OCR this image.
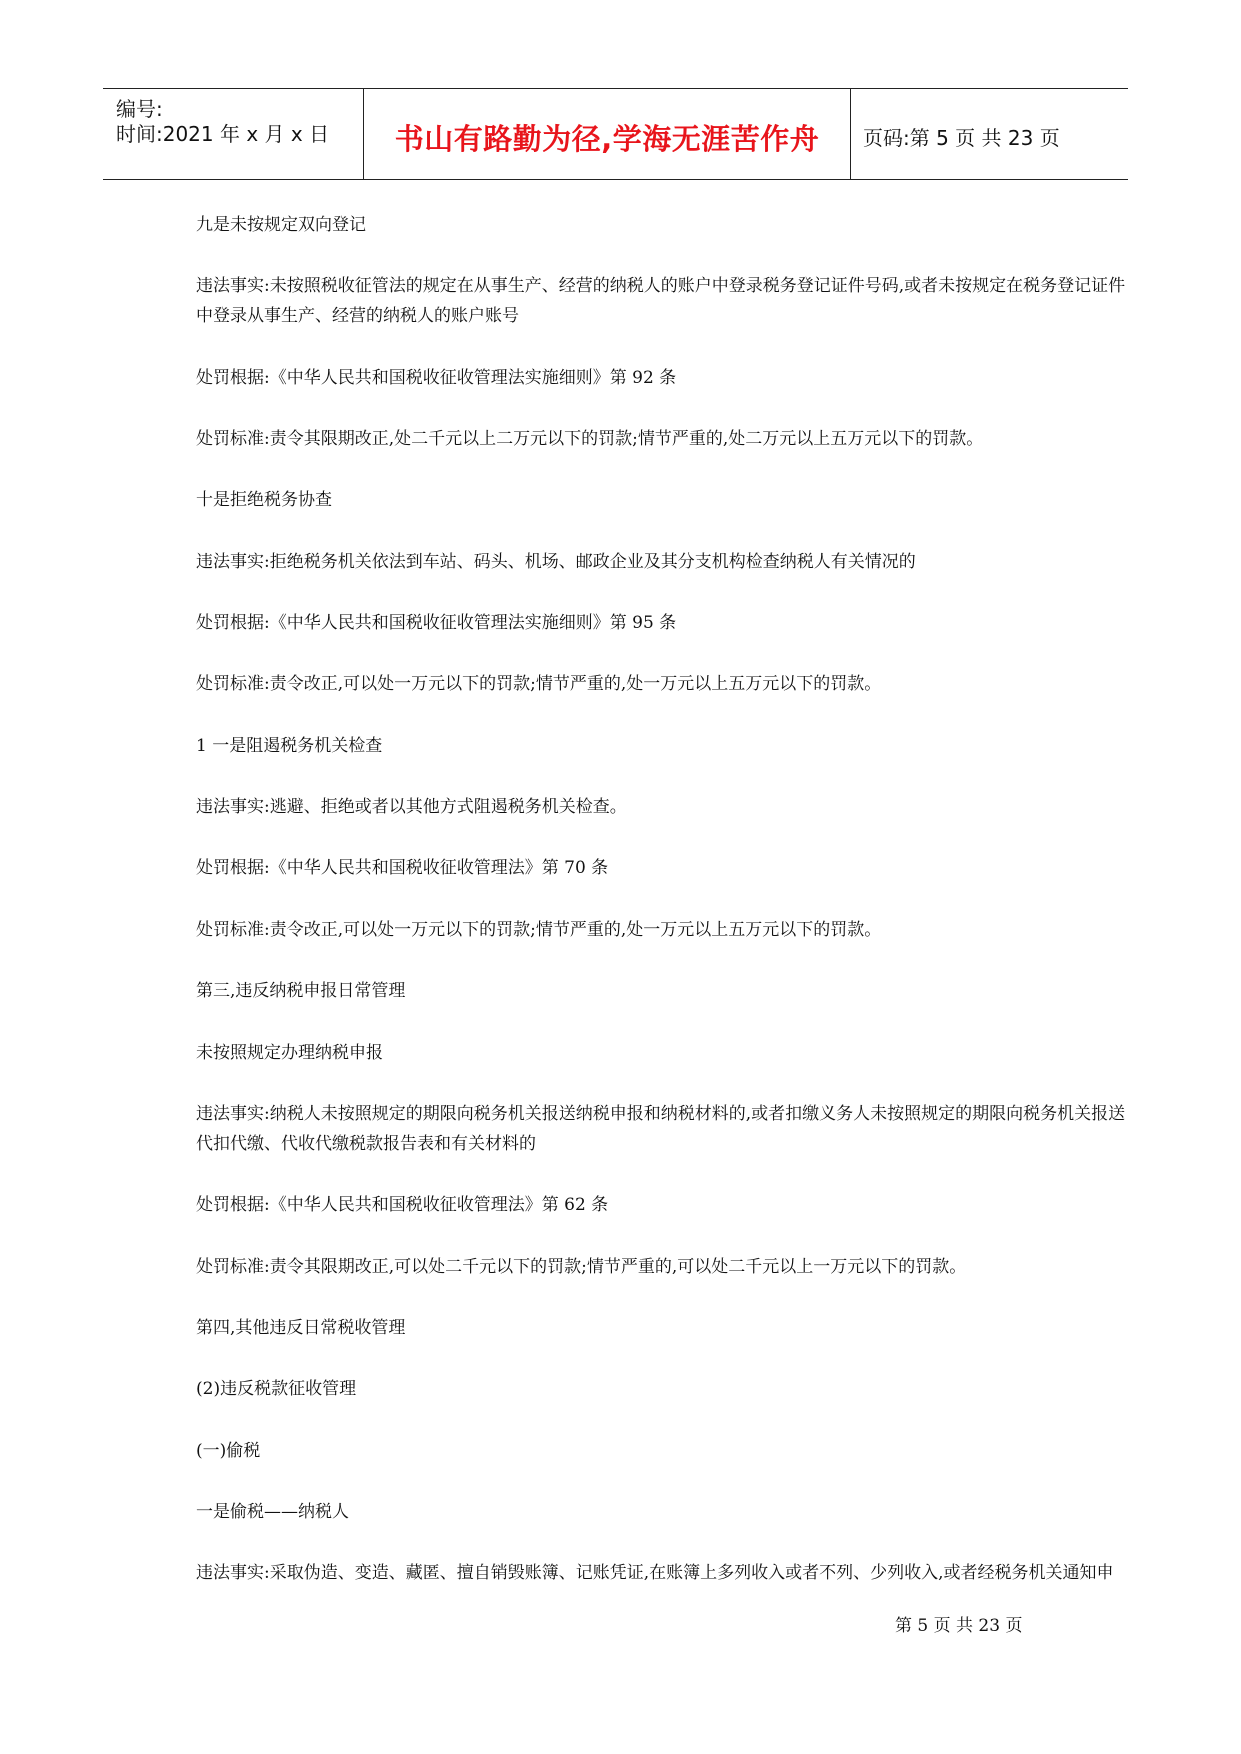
编号:
时间:2021 年 x 月 x 日	书山有路勤为径,学海无涯苦作舟	页码:第 5 页 共 23 页
九是未按规定双向登记
违法事实:未按照税收征管法的规定在从事生产、经营的纳税人的账户中登录税务登记证件号码,或者未按规定在税务登记证件
中登录从事生产、经营的纳税人的账户账号
处罚根据:《中华人民共和国税收征收管理法实施细则》第 92 条
处罚标准:责令其限期改正,处二千元以上二万元以下的罚款;情节严重的,处二万元以上五万元以下的罚款。
十是拒绝税务协查
违法事实:拒绝税务机关依法到车站、码头、机场、邮政企业及其分支机构检查纳税人有关情况的
处罚根据:《中华人民共和国税收征收管理法实施细则》第 95 条
处罚标准:责令改正,可以处一万元以下的罚款;情节严重的,处一万元以上五万元以下的罚款。
1 一是阻遏税务机关检查
违法事实:逃避、拒绝或者以其他方式阻遏税务机关检查。
处罚根据:《中华人民共和国税收征收管理法》第 70 条
处罚标准:责令改正,可以处一万元以下的罚款;情节严重的,处一万元以上五万元以下的罚款。
第三,违反纳税申报日常管理
未按照规定办理纳税申报
违法事实:纳税人未按照规定的期限向税务机关报送纳税申报和纳税材料的,或者扣缴义务人未按照规定的期限向税务机关报送
代扣代缴、代收代缴税款报告表和有关材料的
处罚根据:《中华人民共和国税收征收管理法》第 62 条
处罚标准:责令其限期改正,可以处二千元以下的罚款;情节严重的,可以处二千元以上一万元以下的罚款。
第四,其他违反日常税收管理
(2)违反税款征收管理
(一)偷税
一是偷税——纳税人
违法事实:采取伪造、变造、藏匿、擅自销毁账簿、记账凭证,在账簿上多列收入或者不列、少列收入,或者经税务机关通知申
第 5 页 共 23 页
